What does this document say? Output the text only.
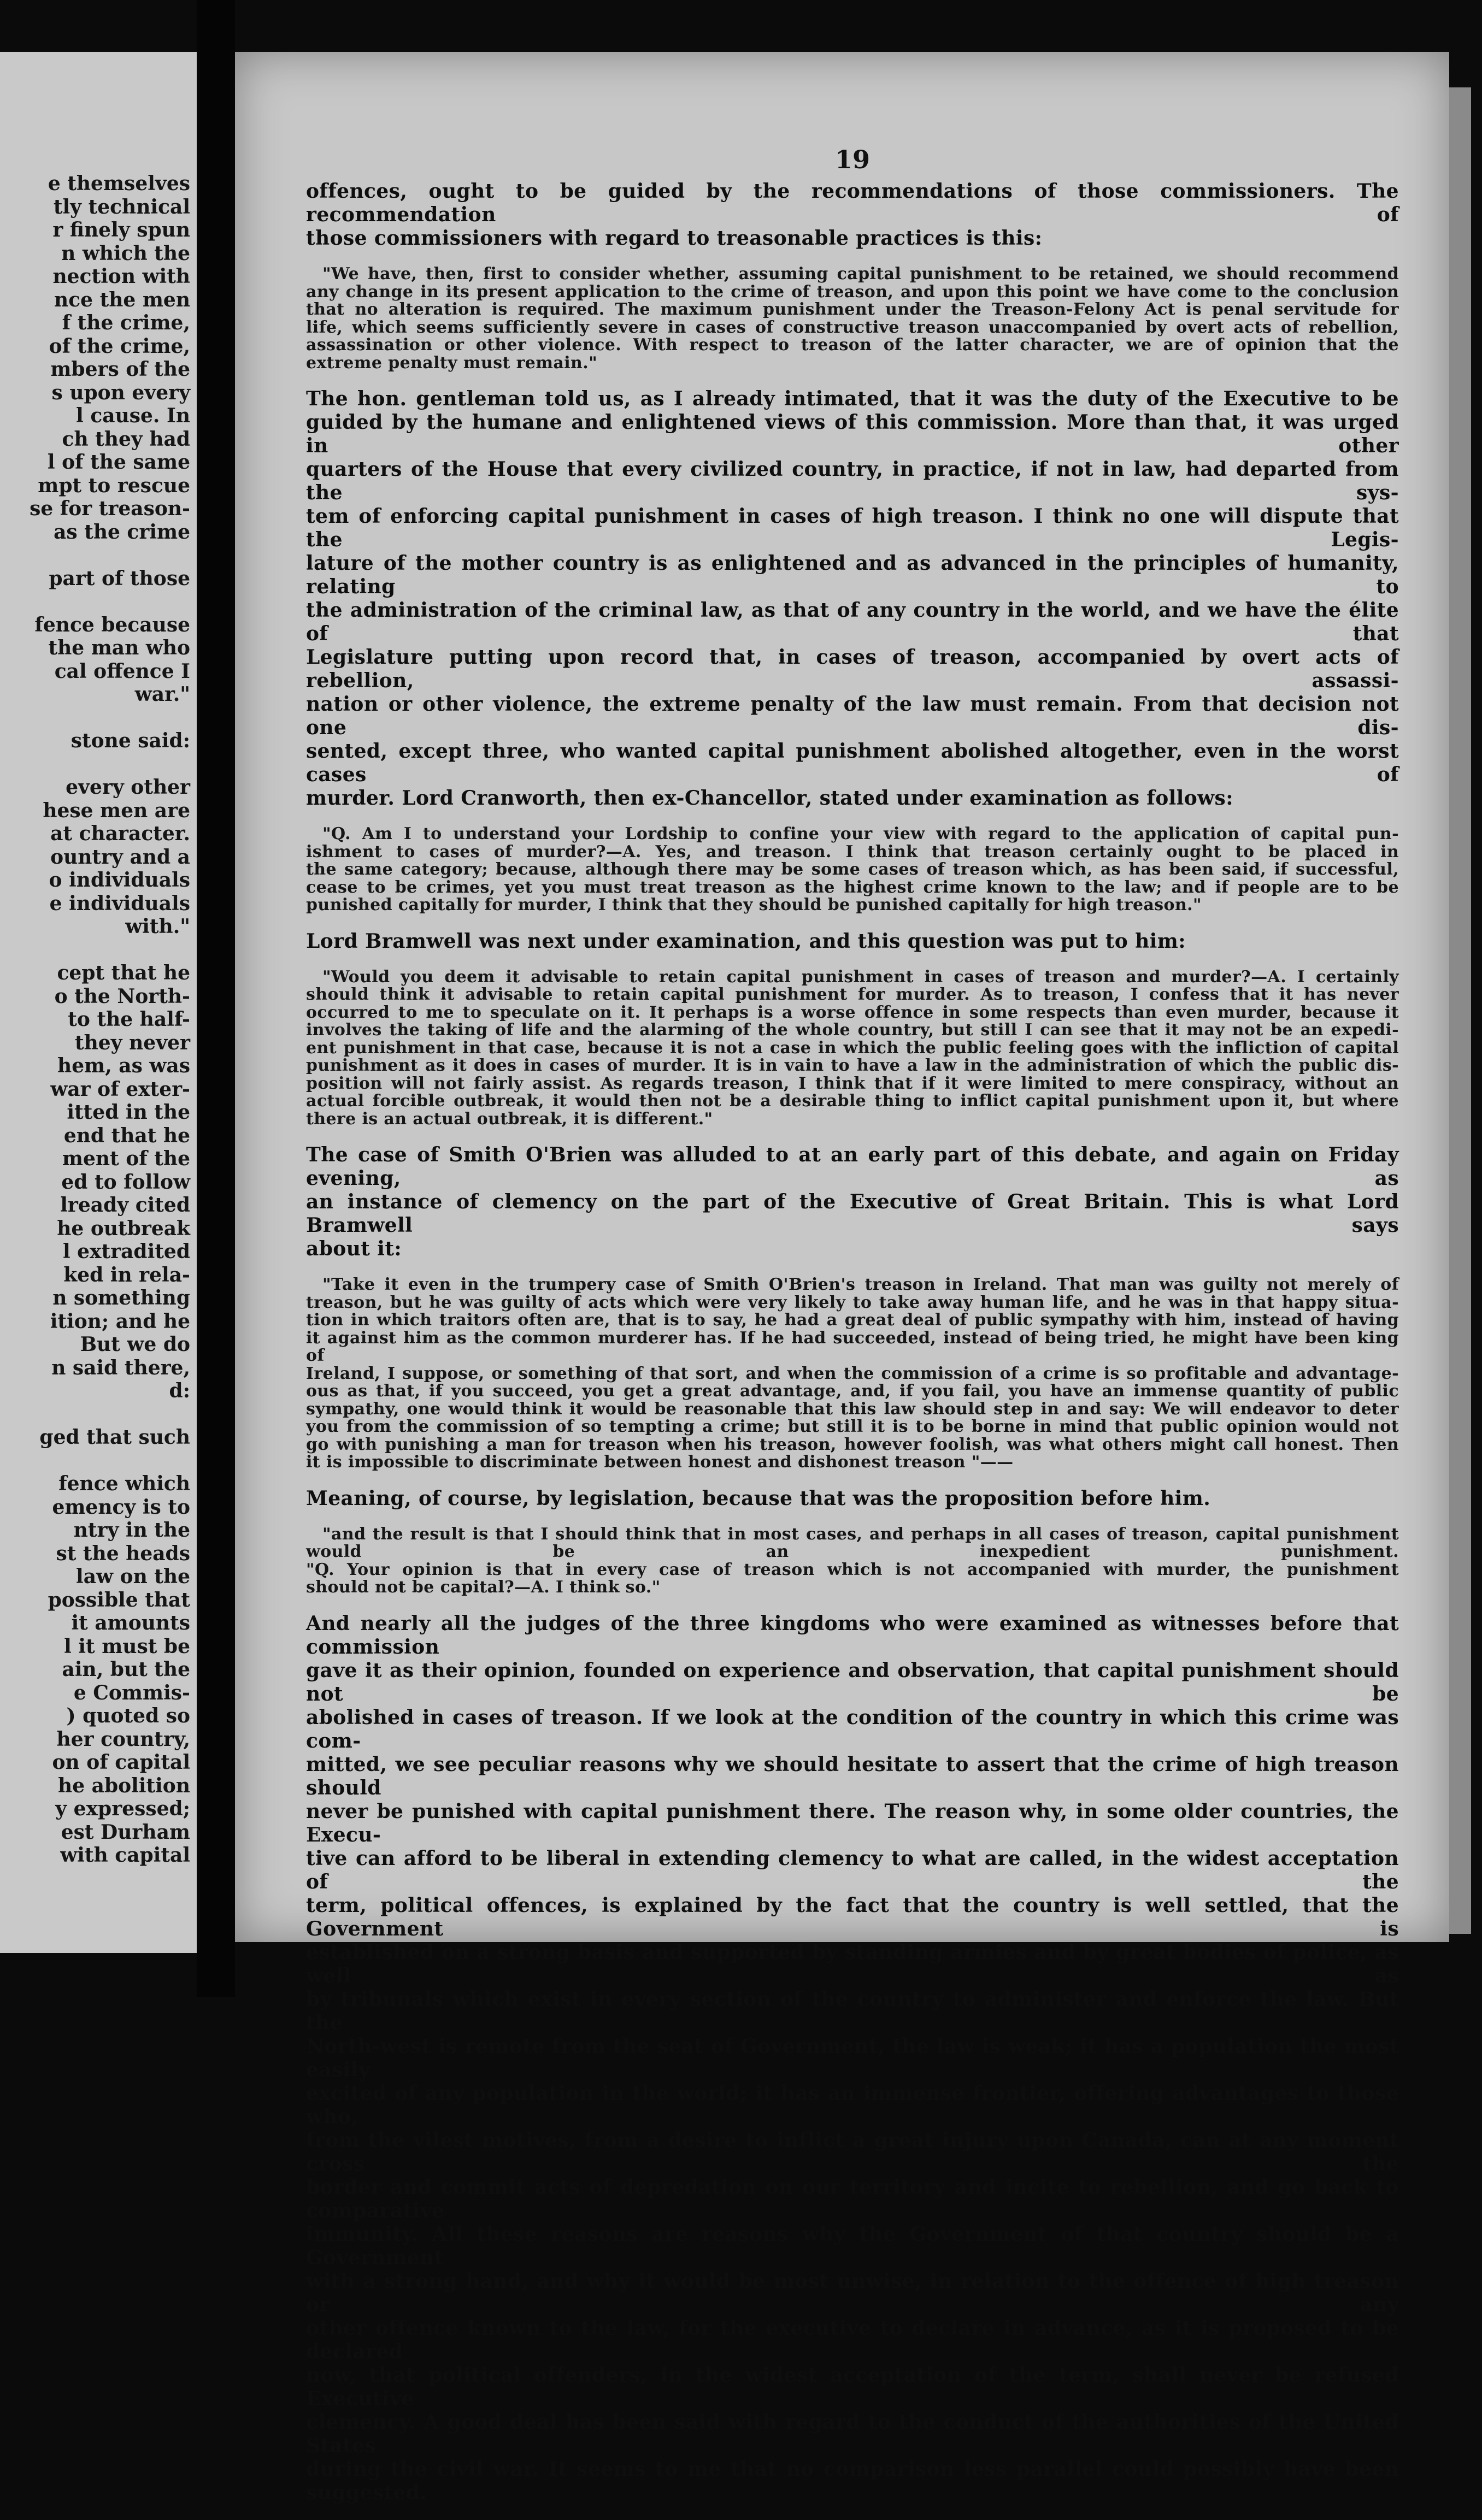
e themselves
tly technical
r finely spun
n which the
nection with
nce the men
f the crime,
of the crime,
mbers of the
s upon every
l cause. In
ch they had
l of the same
mpt to rescue
se for treason-
as the crime

part of those

fence because
the man who
cal offence I
war."

stone said:

every other
hese men are
at character.
ountry and a
o individuals
e individuals
with."

cept that he
o the North-
to the half-
they never
hem, as was
war of exter-
itted in the
end that he
ment of the
ed to follow
lready cited
he outbreak
l extradited
ked in rela-
n something
ition; and he
But we do
n said there,
d:

ged that such

fence which
emency is to
ntry in the
st the heads
law on the
possible that
it amounts
l it must be
ain, but the
e Commis-
) quoted so
her country,
on of capital
he abolition
y expressed;
est Durham
with capital
19

offences, ought to be guided by the recommendations of those commissioners. The recommendation of

those commissioners with regard to treasonable practices is this:

"We have, then, first to consider whether, assuming capital punishment to be retained, we should recommend

any change in its present application to the crime of treason, and upon this point we have come to the conclusion

that no alteration is required. The maximum punishment under the Treason-Felony Act is penal servitude for

life, which seems sufficiently severe in cases of constructive treason unaccompanied by overt acts of rebellion,

assassination or other violence. With respect to treason of the latter character, we are of opinion that the

extreme penalty must remain."

The hon. gentleman told us, as I already intimated, that it was the duty of the Executive to be

guided by the humane and enlightened views of this commission. More than that, it was urged in other

quarters of the House that every civilized country, in practice, if not in law, had departed from the sys-

tem of enforcing capital punishment in cases of high treason. I think no one will dispute that the Legis-

lature of the mother country is as enlightened and as advanced in the principles of humanity, relating to

the administration of the criminal law, as that of any country in the world, and we have the élite of that

Legislature putting upon record that, in cases of treason, accompanied by overt acts of rebellion, assassi-

nation or other violence, the extreme penalty of the law must remain. From that decision not one dis-

sented, except three, who wanted capital punishment abolished altogether, even in the worst cases of

murder. Lord Cranworth, then ex-Chancellor, stated under examination as follows:

"Q. Am I to understand your Lordship to confine your view with regard to the application of capital pun-

ishment to cases of murder?—A. Yes, and treason. I think that treason certainly ought to be placed in

the same category; because, although there may be some cases of treason which, as has been said, if successful,

cease to be crimes, yet you must treat treason as the highest crime known to the law; and if people are to be

punished capitally for murder, I think that they should be punished capitally for high treason."

Lord Bramwell was next under examination, and this question was put to him:

"Would you deem it advisable to retain capital punishment in cases of treason and murder?—A. I certainly

should think it advisable to retain capital punishment for murder. As to treason, I confess that it has never

occurred to me to speculate on it. It perhaps is a worse offence in some respects than even murder, because it

involves the taking of life and the alarming of the whole country, but still I can see that it may not be an expedi-

ent punishment in that case, because it is not a case in which the public feeling goes with the infliction of capital

punishment as it does in cases of murder. It is in vain to have a law in the administration of which the public dis-

position will not fairly assist. As regards treason, I think that if it were limited to mere conspiracy, without an

actual forcible outbreak, it would then not be a desirable thing to inflict capital punishment upon it, but where

there is an actual outbreak, it is different."

The case of Smith O'Brien was alluded to at an early part of this debate, and again on Friday evening, as

an instance of clemency on the part of the Executive of Great Britain. This is what Lord Bramwell says

about it:

"Take it even in the trumpery case of Smith O'Brien's treason in Ireland. That man was guilty not merely of

treason, but he was guilty of acts which were very likely to take away human life, and he was in that happy situa-

tion in which traitors often are, that is to say, he had a great deal of public sympathy with him, instead of having

it against him as the common murderer has. If he had succeeded, instead of being tried, he might have been king of

Ireland, I suppose, or something of that sort, and when the commission of a crime is so profitable and advantage-

ous as that, if you succeed, you get a great advantage, and, if you fail, you have an immense quantity of public

sympathy, one would think it would be reasonable that this law should step in and say: We will endeavor to deter

you from the commission of so tempting a crime; but still it is to be borne in mind that public opinion would not

go with punishing a man for treason when his treason, however foolish, was what others might call honest. Then

it is impossible to discriminate between honest and dishonest treason "——

Meaning, of course, by legislation, because that was the proposition before him.

"and the result is that I should think that in most cases, and perhaps in all cases of treason, capital punishment

would be an inexpedient punishment.

"Q. Your opinion is that in every case of treason which is not accompanied with murder, the punishment

should not be capital?—A. I think so."

And nearly all the judges of the three kingdoms who were examined as witnesses before that commission

gave it as their opinion, founded on experience and observation, that capital punishment should not be

abolished in cases of treason. If we look at the condition of the country in which this crime was com-

mitted, we see peculiar reasons why we should hesitate to assert that the crime of high treason should

never be punished with capital punishment there. The reason why, in some older countries, the Execu-

tive can afford to be liberal in extending clemency to what are called, in the widest acceptation of the

term, political offences, is explained by the fact that the country is well settled, that the Government is

established on a strong basis and supported by standing armies and by great bodies of police, as well as

by tribunals which exist in every section of the country to administer and enforce the law. But the

North-west is remote from the seat of Government, the law is weak; it has a population the most easily

excited of any population in the world; it has an immense frontier, offering advantages to those who,

from the vilest motives, from a desire to inflict a great injury upon Canada, can at any moment cross the

border and commit acts of depredation on our territory and incite to rebellion, and go back to comparative

immunity. All these reasons are reasons why the Government of that country should be a Government

with a strong hand, and why it would be most unwise, in relation to the offence of high treason or any

other offence known to the law, for the executive to declare in advance, as it is proposed to be declared

now, that political offenders, in the widest acceptation of the term, shall never be refused Executive

clemency. A good deal has been said with regard to the conduct of the authorities of the United States

during the civil war. It seems to me that no comparison less parallel could possibly have been suggested.
